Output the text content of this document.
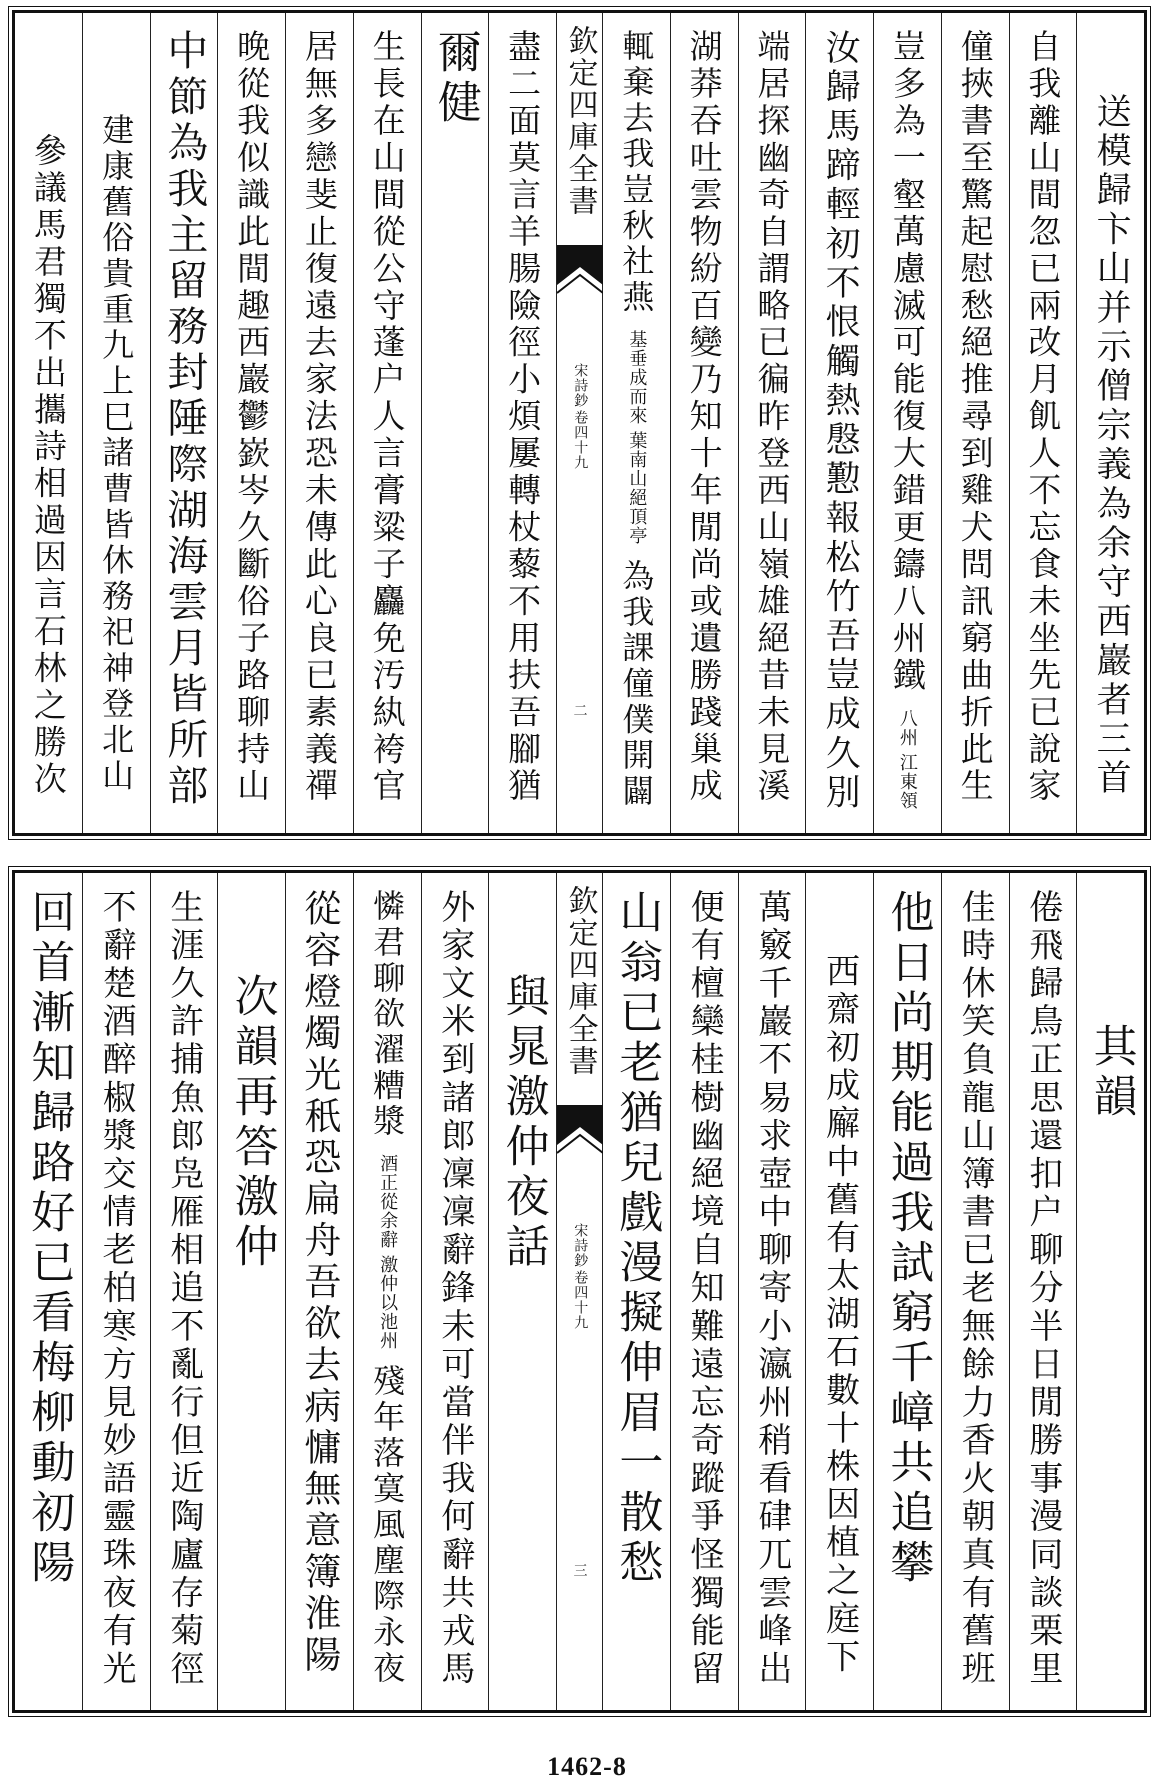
送模歸卞山并示僧宗義為余守西巖者三首
自我離山間忽已兩改月飢人不忘食未坐先已說家
僮挾書至驚起慰愁絕推尋到雞犬問訊窮曲折此生
豈多為一壑萬慮滅可能復大錯更鑄八州鐵
江東領
八州
汝歸馬蹄輕初不恨觸熱慇懃報松竹吾豈成久別
端居探幽奇自謂略已徧昨登西山嶺雄絕昔未見溪
湖莽吞吐雲物紛百變乃知十年閒尚或遺勝踐巢成
輒棄去我豈秋社燕
葉南山絕頂亭
基垂成而來
為我課僮僕開闢
欽定四庫全書
宋詩鈔
卷四十九
二
盡二面莫言羊腸險徑小煩屢轉杖藜不用扶吾腳猶
爾健
生長在山間從公守蓬户人言膏粱子麤免汚紈袴官
居無多戀斐止復遠去家法恐未傳此心良已素義禪
晚從我似識此間趣西巖鬱嶔岑久斷俗子路聊持山
中節為我主留務封陲際湖海雲月皆所部
建康舊俗貴重九上巳諸曹皆休務祀神登北山
參議馬君獨不出攜詩相過因言石林之勝次
其韻
倦飛歸鳥正思還扣户聊分半日閒勝事漫同談栗里
佳時休笑負龍山簿書已老無餘力香火朝真有舊班
他日尚期能過我試窮千嶂共追攀
西齋初成廨中舊有太湖石數十株因植之庭下
萬竅千巖不易求壺中聊寄小瀛州稍看硉兀雲峰出
便有檀欒桂樹幽絕境自知難遠忘奇蹤爭怪獨能留
山翁已老猶兒戲漫擬伸眉一散愁
欽定四庫全書
宋詩鈔
卷四十九
三
與晁激仲夜話
外家文米到諸郎凜凜辭鋒未可當伴我何辭共戎馬
憐君聊欲濯糟漿
激仲以池州
酒正從余辭
殘年落寞風塵際永夜
從容燈燭光秖恐扁舟吾欲去病慵無意簿淮陽
次韻再答激仲
生涯久許捕魚郎凫雁相追不亂行但近陶廬存菊徑
不辭楚酒醉椒漿交情老柏寒方見妙語靈珠夜有光
回首漸知歸路好已看梅柳動初陽
1462-8
